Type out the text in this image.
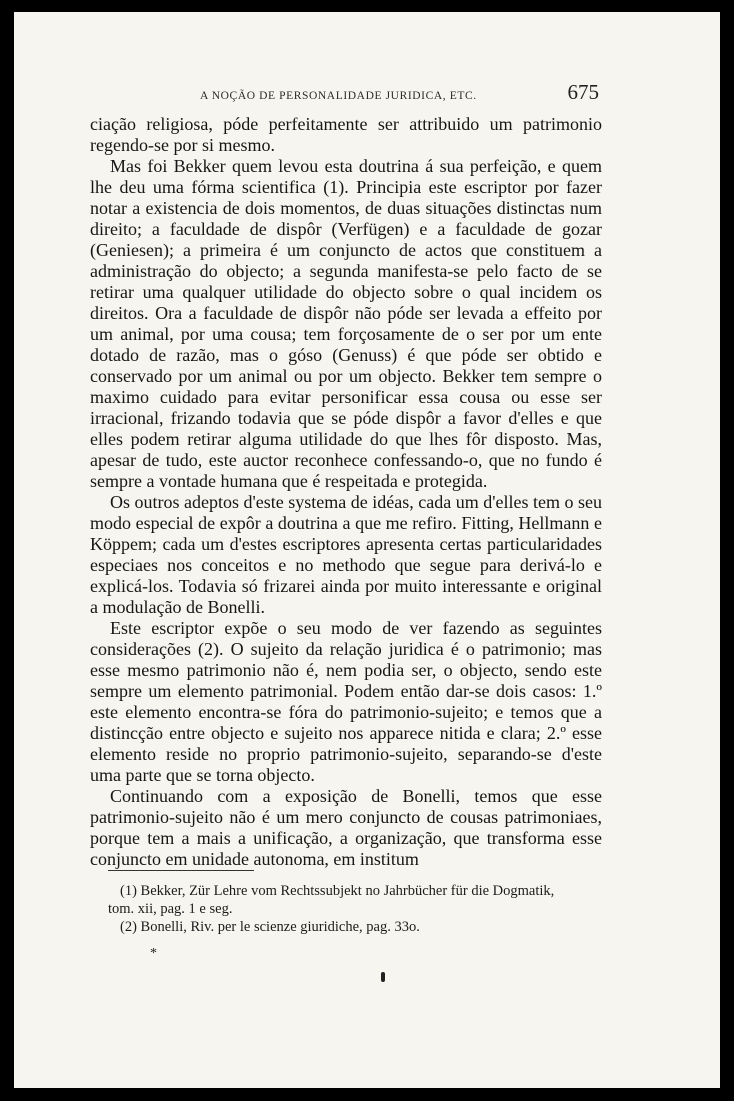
A NOÇÃO DE PERSONALIDADE JURIDICA, ETC.	675

ciação religiosa, póde perfeitamente ser attribuido um patrimonio regendo-se por si mesmo.

Mas foi Bekker quem levou esta doutrina á sua perfeição, e quem lhe deu uma fórma scientifica (1). Principia este escriptor por fazer notar a existencia de dois momentos, de duas situações distinctas num direito; a faculdade de dispôr (Verfügen) e a faculdade de gozar (Geniesen); a primeira é um conjuncto de actos que constituem a administração do objecto; a segunda manifesta-se pelo facto de se retirar uma qualquer utilidade do objecto sobre o qual incidem os direitos. Ora a faculdade de dispôr não póde ser levada a effeito por um animal, por uma cousa; tem forçosamente de o ser por um ente dotado de razão, mas o góso (Genuss) é que póde ser obtido e conservado por um animal ou por um objecto. Bekker tem sempre o maximo cuidado para evitar personificar essa cousa ou esse ser irracional, frizando todavia que se póde dispôr a favor d'elles e que elles podem retirar alguma utilidade do que lhes fôr disposto. Mas, apesar de tudo, este auctor reconhece confessando-o, que no fundo é sempre a vontade humana que é respeitada e protegida.

Os outros adeptos d'este systema de idéas, cada um d'elles tem o seu modo especial de expôr a doutrina a que me refiro. Fitting, Hellmann e Köppem; cada um d'estes escriptores apresenta certas particularidades especiaes nos conceitos e no methodo que segue para derivá-lo e explicá-los. Todavia só frizarei ainda por muito interessante e original a modulação de Bonelli.

Este escriptor expõe o seu modo de ver fazendo as seguintes considerações (2). O sujeito da relação juridica é o patrimonio; mas esse mesmo patrimonio não é, nem podia ser, o objecto, sendo este sempre um elemento patrimonial. Podem então dar-se dois casos: 1.º este elemento encontra-se fóra do patrimonio-sujeito; e temos que a distincção entre objecto e sujeito nos apparece nitida e clara; 2.º esse elemento reside no proprio patrimonio-sujeito, separando-se d'este uma parte que se torna objecto.

Continuando com a exposição de Bonelli, temos que esse patrimonio-sujeito não é um mero conjuncto de cousas patrimoniaes, porque tem a mais a unificação, a organização, que transforma esse conjuncto em unidade autonoma, em institum

(1) Bekker, Zür Lehre vom Rechtssubjekt no Jahrbücher für die Dogmatik, tom. xii, pag. 1 e seg.

(2) Bonelli, Riv. per le scienze giuridiche, pag. 33o.

*
